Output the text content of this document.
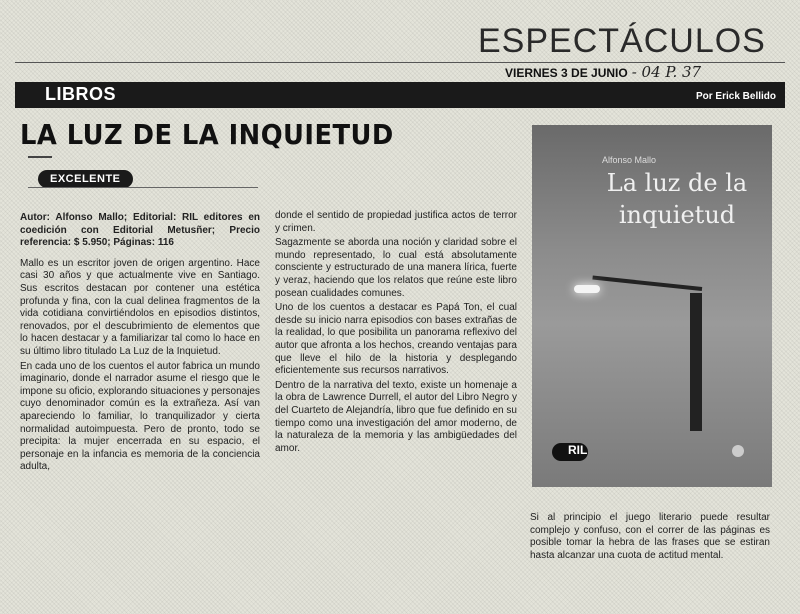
ESPECTÁCULOS
VIERNES 3 DE JUNIO - 04 P. 37
LIBROS	Por Erick Bellido
LA LUZ DE LA INQUIETUD
EXCELENTE

Autor: Alfonso Mallo; Editorial: RIL editores en coedición con Editorial Metusñer; Precio referencia: $ 5.950; Páginas: 116

Mallo es un escritor joven de origen argentino. Hace casi 30 años y que actualmente vive en Santiago. Sus escritos destacan por contener una estética profunda y fina, con la cual delinea fragmentos de la vida cotidiana convirtiéndolos en episodios distintos, renovados, por el descubrimiento de elementos que lo hacen destacar y a familiarizar tal como lo hace en su último libro titulado La Luz de la Inquietud.

En cada uno de los cuentos el autor fabrica un mundo imaginario, donde el narrador asume el riesgo que le impone su oficio, explorando situaciones y personajes cuyo denominador común es la extrañeza. Así van apareciendo lo familiar, lo tranquilizador y cierta normalidad autoimpuesta. Pero de pronto, todo se precipita: la mujer encerrada en su espacio, el personaje en la infancia es memoria de la conciencia adulta,

donde el sentido de propiedad justifica actos de terror y crimen.

Sagazmente se aborda una noción y claridad sobre el mundo representado, lo cual está absolutamente consciente y estructurado de una manera lírica, fuerte y veraz, haciendo que los relatos que reúne este libro posean cualidades comunes.

Uno de los cuentos a destacar es Papá Ton, el cual desde su inicio narra episodios con bases extrañas de la realidad, lo que posibilita un panorama reflexivo del autor que afronta a los hechos, creando ventajas para que lleve el hilo de la historia y desplegando eficientemente sus recursos narrativos.

Dentro de la narrativa del texto, existe un homenaje a la obra de Lawrence Durrell, el autor del Libro Negro y del Cuarteto de Alejandría, libro que fue definido en su tiempo como una investigación del amor moderno, de la naturaleza de la memoria y las ambigüedades del amor.

Alfonso Mallo
La luz de la inquietud
RIL

Si al principio el juego literario puede resultar complejo y confuso, con el correr de las páginas es posible tomar la hebra de las frases que se estiran hasta alcanzar una cuota de actitud mental.
